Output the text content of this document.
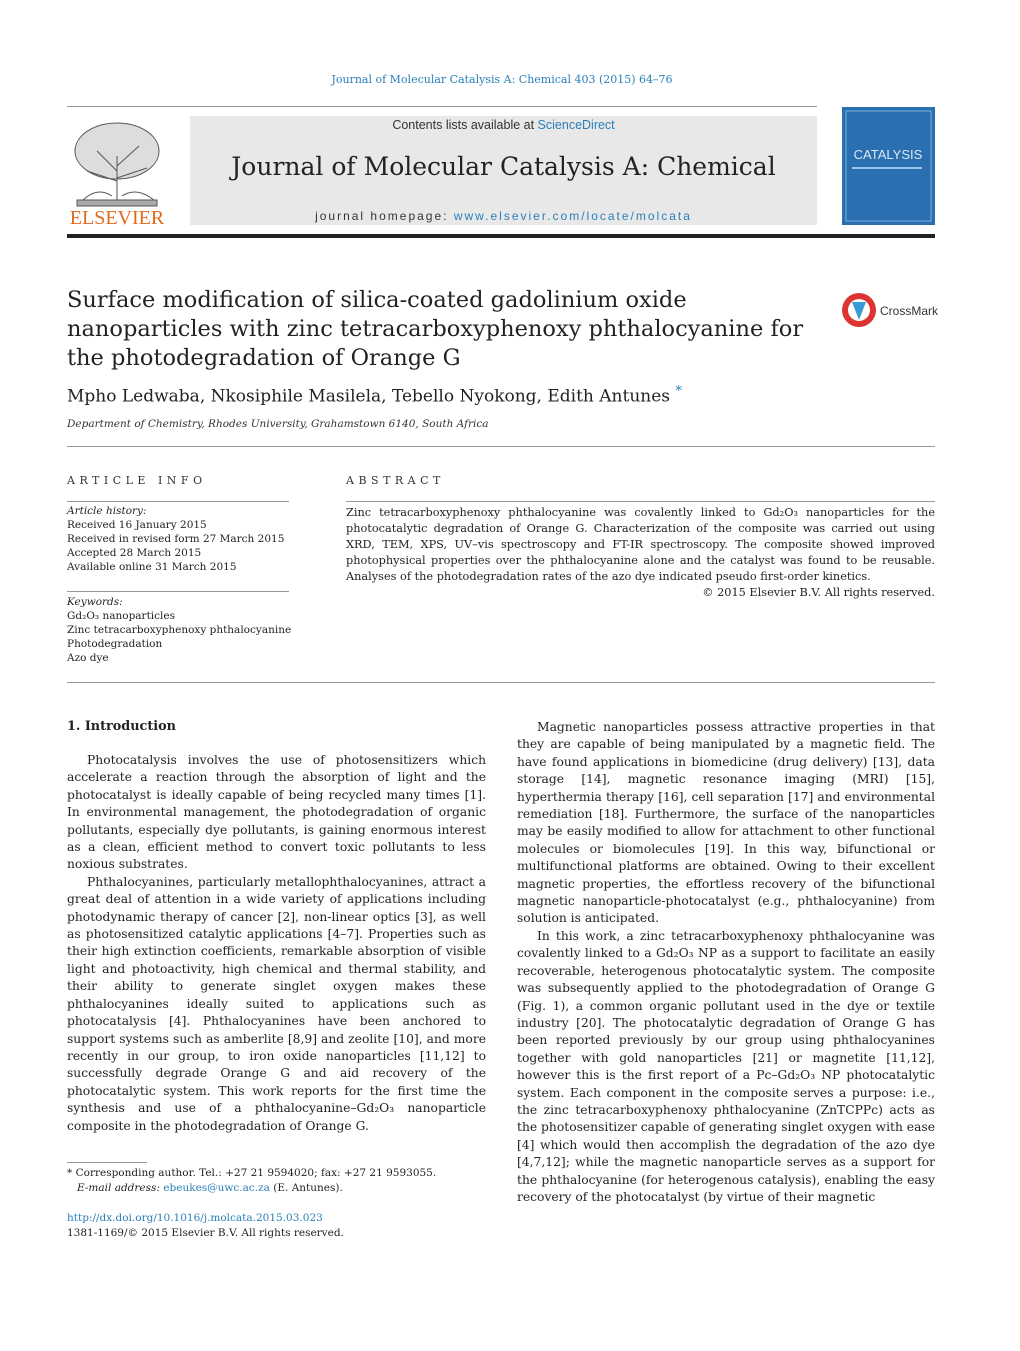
Journal of Molecular Catalysis A: Chemical 403 (2015) 64–76
ELSEVIER
Contents lists available at ScienceDirect
Journal of Molecular Catalysis A: Chemical
journal homepage: www.elsevier.com/locate/molcata
CATALYSIS
Surface modification of silica-coated gadolinium oxide nanoparticles with zinc tetracarboxyphenoxy phthalocyanine for the photodegradation of Orange G
CrossMark
Mpho Ledwaba, Nkosiphile Masilela, Tebello Nyokong, Edith Antunes *
Department of Chemistry, Rhodes University, Grahamstown 6140, South Africa
ARTICLE INFO
Article history:
Received 16 January 2015
Received in revised form 27 March 2015
Accepted 28 March 2015
Available online 31 March 2015
Keywords:
Gd₂O₃ nanoparticles
Zinc tetracarboxyphenoxy phthalocyanine
Photodegradation
Azo dye
ABSTRACT
Zinc tetracarboxyphenoxy phthalocyanine was covalently linked to Gd₂O₃ nanoparticles for the photocatalytic degradation of Orange G. Characterization of the composite was carried out using XRD, TEM, XPS, UV–vis spectroscopy and FT-IR spectroscopy. The composite showed improved photophysical properties over the phthalocyanine alone and the catalyst was found to be reusable. Analyses of the photodegradation rates of the azo dye indicated pseudo first-order kinetics.
© 2015 Elsevier B.V. All rights reserved.
1. Introduction

Photocatalysis involves the use of photosensitizers which accelerate a reaction through the absorption of light and the photocatalyst is ideally capable of being recycled many times [1]. In environmental management, the photodegradation of organic pollutants, especially dye pollutants, is gaining enormous interest as a clean, efficient method to convert toxic pollutants to less noxious substrates.

Phthalocyanines, particularly metallophthalocyanines, attract a great deal of attention in a wide variety of applications including photodynamic therapy of cancer [2], non-linear optics [3], as well as photosensitized catalytic applications [4–7]. Properties such as their high extinction coefficients, remarkable absorption of visible light and photoactivity, high chemical and thermal stability, and their ability to generate singlet oxygen makes these phthalocyanines ideally suited to applications such as photocatalysis [4]. Phthalocyanines have been anchored to support systems such as amberlite [8,9] and zeolite [10], and more recently in our group, to iron oxide nanoparticles [11,12] to successfully degrade Orange G and aid recovery of the photocatalytic system. This work reports for the first time the synthesis and use of a phthalocyanine–Gd₂O₃ nanoparticle composite in the photodegradation of Orange G.

Magnetic nanoparticles possess attractive properties in that they are capable of being manipulated by a magnetic field. The have found applications in biomedicine (drug delivery) [13], data storage [14], magnetic resonance imaging (MRI) [15], hyperthermia therapy [16], cell separation [17] and environmental remediation [18]. Furthermore, the surface of the nanoparticles may be easily modified to allow for attachment to other functional molecules or biomolecules [19]. In this way, bifunctional or multifunctional platforms are obtained. Owing to their excellent magnetic properties, the effortless recovery of the bifunctional magnetic nanoparticle-photocatalyst (e.g., phthalocyanine) from solution is anticipated.

In this work, a zinc tetracarboxyphenoxy phthalocyanine was covalently linked to a Gd₂O₃ NP as a support to facilitate an easily recoverable, heterogenous photocatalytic system. The composite was subsequently applied to the photodegradation of Orange G (Fig. 1), a common organic pollutant used in the dye or textile industry [20]. The photocatalytic degradation of Orange G has been reported previously by our group using phthalocyanines together with gold nanoparticles [21] or magnetite [11,12], however this is the first report of a Pc–Gd₂O₃ NP photocatalytic system. Each component in the composite serves a purpose: i.e., the zinc tetracarboxyphenoxy phthalocyanine (ZnTCPPc) acts as the photosensitizer capable of generating singlet oxygen with ease [4] which would then accomplish the degradation of the azo dye [4,7,12]; while the magnetic nanoparticle serves as a support for the phthalocyanine (for heterogenous catalysis), enabling the easy recovery of the photocatalyst (by virtue of their magnetic

* Corresponding author. Tel.: +27 21 9594020; fax: +27 21 9593055.
E-mail address: ebeukes@uwc.ac.za (E. Antunes).
http://dx.doi.org/10.1016/j.molcata.2015.03.023
1381-1169/© 2015 Elsevier B.V. All rights reserved.
